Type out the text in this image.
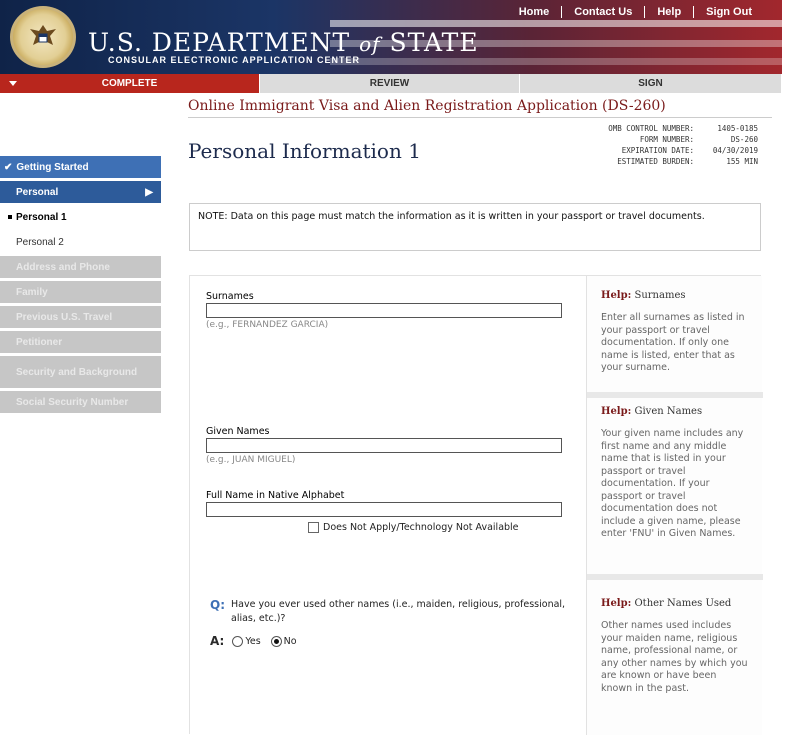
U.S. DEPARTMENT of STATE
CONSULAR ELECTRONIC APPLICATION CENTER
Home	Contact Us	Help	Sign Out
COMPLETE	REVIEW	SIGN
✔ Getting Started
Personal	▶
Personal 1
Personal 2
Address and Phone
Family
Previous U.S. Travel
Petitioner
Security and Background
Social Security Number
Online Immigrant Visa and Alien Registration Application (DS-260)
Personal Information 1
OMB CONTROL NUMBER:	1405-0185
FORM NUMBER:	DS-260
EXPIRATION DATE:	04/30/2019
ESTIMATED BURDEN:	155 MIN
NOTE: Data on this page must match the information as it is written in your passport or travel documents.
Surnames
(e.g., FERNANDEZ GARCIA)
Given Names
(e.g., JUAN MIGUEL)
Full Name in Native Alphabet
Does Not Apply/Technology Not Available
Q: Have you ever used other names (i.e., maiden, religious, professional, alias, etc.)?
A: Yes No
Help: Surnames
Enter all surnames as listed in your passport or travel documentation. If only one name is listed, enter that as your surname.
Help: Given Names
Your given name includes any first name and any middle name that is listed in your passport or travel documentation. If your passport or travel documentation does not include a given name, please enter 'FNU' in Given Names.
Help: Other Names Used
Other names used includes your maiden name, religious name, professional name, or any other names by which you are known or have been known in the past.
